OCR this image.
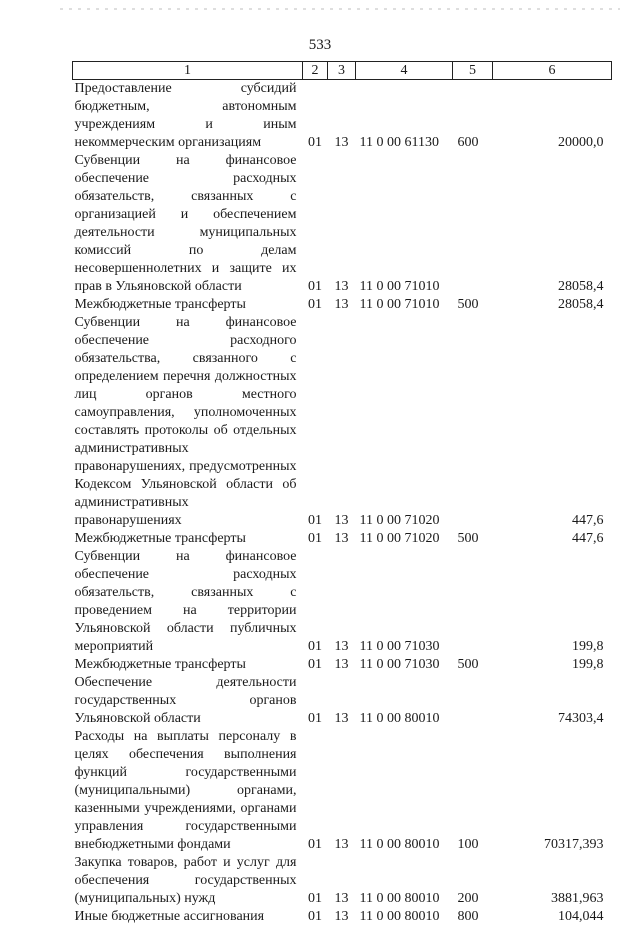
533
1	2	3	4	5	6
Предоставление субсидий бюджетным, автономным учреждениям и иным некоммерческим организациям	01	13	11 0 00 61130	600	20000,0
Субвенции на финансовое обеспечение расходных обязательств, связанных с организацией и обеспечением деятельности муниципальных комиссий по делам несовершеннолетних и защите их прав в Ульяновской области	01	13	11 0 00 71010		28058,4
Межбюджетные трансферты	01	13	11 0 00 71010	500	28058,4
Субвенции на финансовое обеспечение расходного обязательства, связанного с определением перечня должностных лиц органов местного самоуправления, уполномоченных составлять протоколы об отдельных административных правонарушениях, предусмотренных Кодексом Ульяновской области об административных правонарушениях	01	13	11 0 00 71020		447,6
Межбюджетные трансферты	01	13	11 0 00 71020	500	447,6
Субвенции на финансовое обеспечение расходных обязательств, связанных с проведением на территории Ульяновской области публичных мероприятий	01	13	11 0 00 71030		199,8
Межбюджетные трансферты	01	13	11 0 00 71030	500	199,8
Обеспечение деятельности государственных органов Ульяновской области	01	13	11 0 00 80010		74303,4
Расходы на выплаты персоналу в целях обеспечения выполнения функций государственными (муниципальными) органами, казенными учреждениями, органами управления государственными внебюджетными фондами	01	13	11 0 00 80010	100	70317,393
Закупка товаров, работ и услуг для обеспечения государственных (муниципальных) нужд	01	13	11 0 00 80010	200	3881,963
Иные бюджетные ассигнования	01	13	11 0 00 80010	800	104,044
